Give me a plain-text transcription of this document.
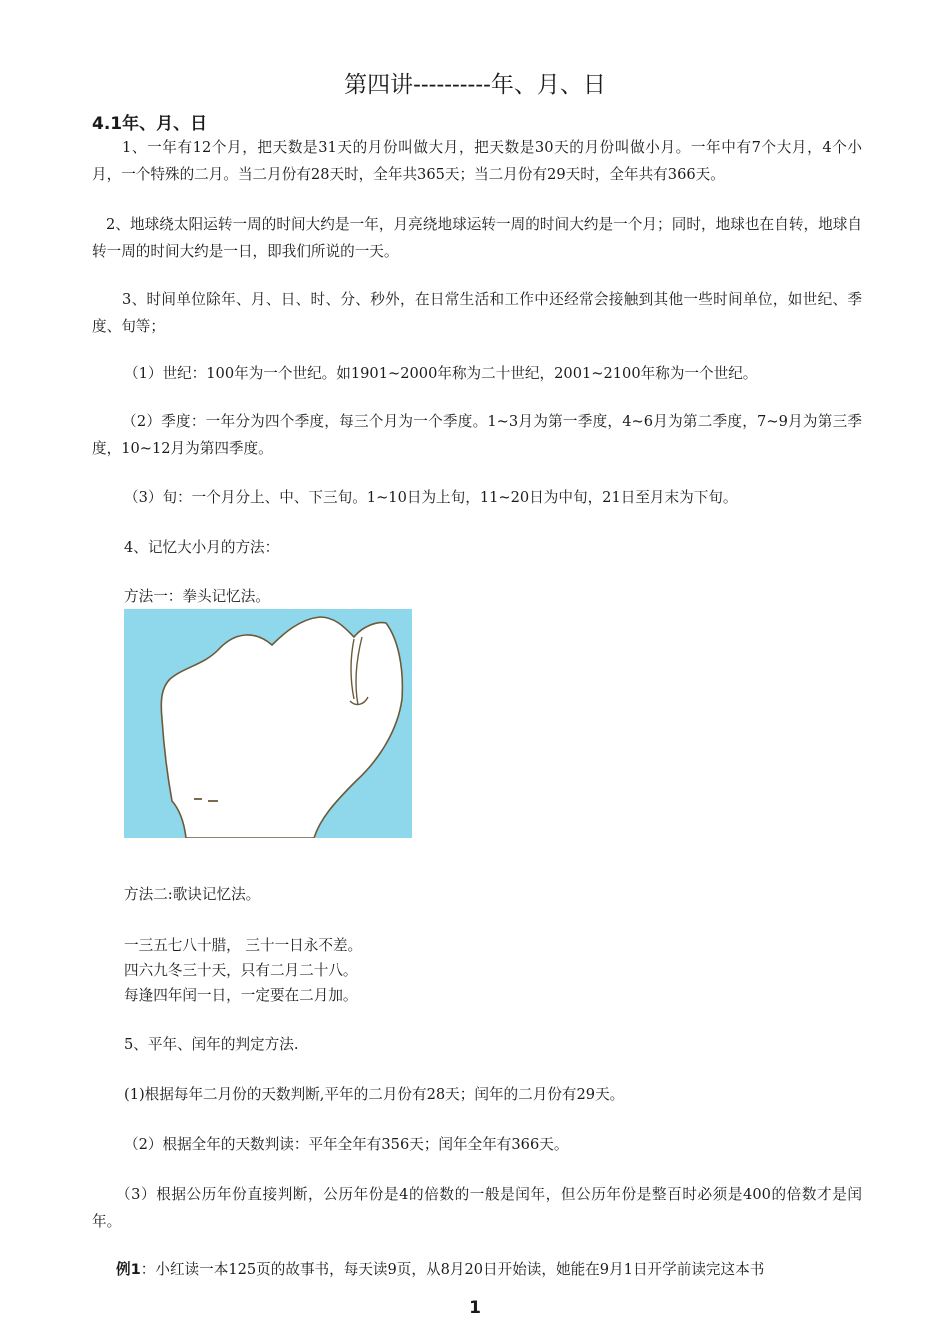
第四讲----------年、月、日
4.1年、月、日
1、一年有12个月，把天数是31天的月份叫做大月，把天数是30天的月份叫做小月。一年中有7个大月，4个小月，一个特殊的二月。当二月份有28天时，全年共365天；当二月份有29天时，全年共有366天。
2、地球绕太阳运转一周的时间大约是一年，月亮绕地球运转一周的时间大约是一个月；同时，地球也在自转，地球自转一周的时间大约是一日，即我们所说的一天。
3、时间单位除年、月、日、时、分、秒外，在日常生活和工作中还经常会接触到其他一些时间单位，如世纪、季度、旬等；
（1）世纪：100年为一个世纪。如1901~2000年称为二十世纪，2001~2100年称为一个世纪。
（2）季度：一年分为四个季度，每三个月为一个季度。1~3月为第一季度，4~6月为第二季度，7~9月为第三季度，10~12月为第四季度。
（3）旬：一个月分上、中、下三旬。1~10日为上旬，11~20日为中旬，21日至月末为下旬。
4、记忆大小月的方法：
方法一：拳头记忆法。
方法二:歌诀记忆法。
一三五七八十腊， 三十一日永不差。
四六九冬三十天，只有二月二十八。
每逢四年闰一日，一定要在二月加。
5、平年、闰年的判定方法.
(1)根据每年二月份的天数判断,平年的二月份有28天；闰年的二月份有29天。
（2）根据全年的天数判读：平年全年有356天；闰年全年有366天。
（3）根据公历年份直接判断，公历年份是4的倍数的一般是闰年，但公历年份是整百时必须是400的倍数才是闰年。
例1：小红读一本125页的故事书，每天读9页，从8月20日开始读，她能在9月1日开学前读完这本书
1
